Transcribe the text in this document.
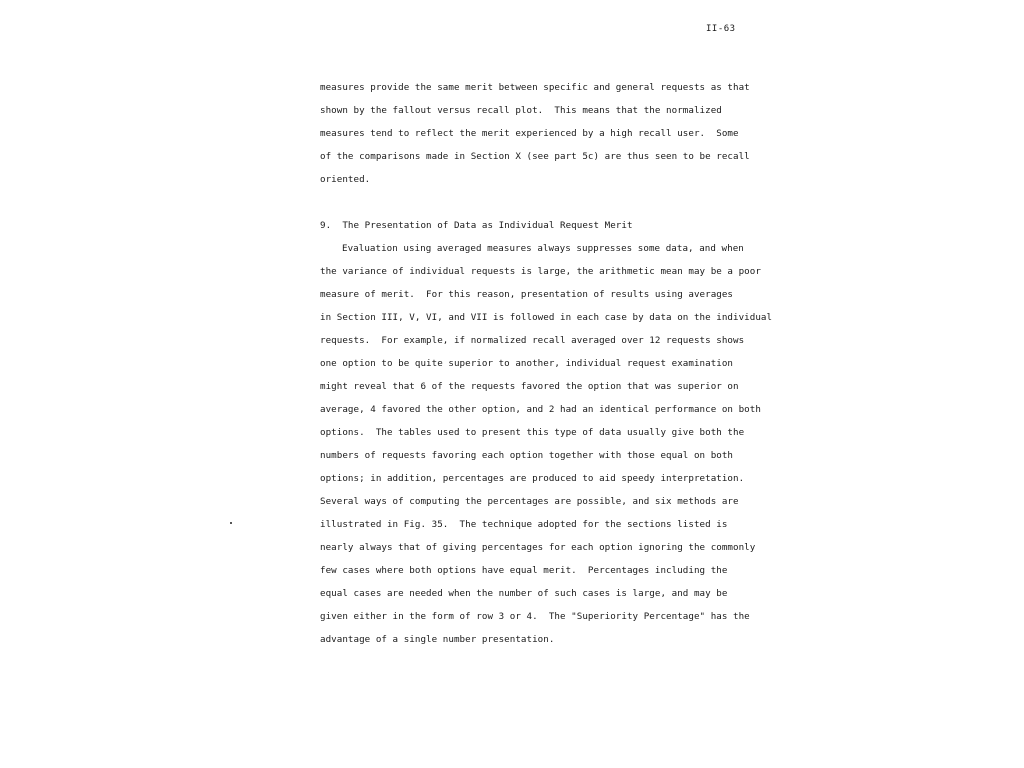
II-63
measures provide the same merit between specific and general requests as that
shown by the fallout versus recall plot.  This means that the normalized
measures tend to reflect the merit experienced by a high recall user.  Some
of the comparisons made in Section X (see part 5c) are thus seen to be recall
oriented.
9.  The Presentation of Data as Individual Request Merit
Evaluation using averaged measures always suppresses some data, and when
the variance of individual requests is large, the arithmetic mean may be a poor
measure of merit.  For this reason, presentation of results using averages
in Section III, V, VI, and VII is followed in each case by data on the individual
requests.  For example, if normalized recall averaged over 12 requests shows
one option to be quite superior to another, individual request examination
might reveal that 6 of the requests favored the option that was superior on
average, 4 favored the other option, and 2 had an identical performance on both
options.  The tables used to present this type of data usually give both the
numbers of requests favoring each option together with those equal on both
options; in addition, percentages are produced to aid speedy interpretation.
Several ways of computing the percentages are possible, and six methods are
illustrated in Fig. 35.  The technique adopted for the sections listed is
nearly always that of giving percentages for each option ignoring the commonly
few cases where both options have equal merit.  Percentages including the
equal cases are needed when the number of such cases is large, and may be
given either in the form of row 3 or 4.  The "Superiority Percentage" has the
advantage of a single number presentation.
